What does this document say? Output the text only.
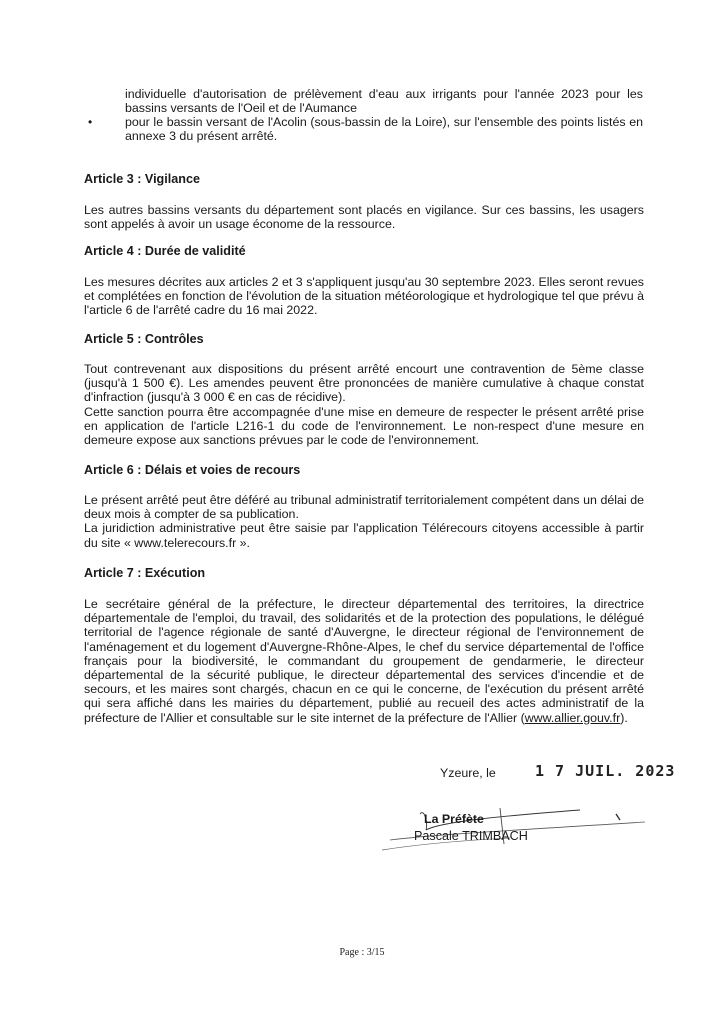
individuelle d'autorisation de prélèvement d'eau aux irrigants pour l'année 2023 pour les bassins versants de l'Oeil et de l'Aumance

•	pour le bassin versant de l'Acolin (sous-bassin de la Loire), sur l'ensemble des points listés en annexe 3 du présent arrêté.

Article 3 : Vigilance

Les autres bassins versants du département sont placés en vigilance. Sur ces bassins, les usagers sont appelés à avoir un usage économe de la ressource.

Article 4 : Durée de validité

Les mesures décrites aux articles 2 et 3 s'appliquent jusqu'au 30 septembre 2023. Elles seront revues et complétées en fonction de l'évolution de la situation météorologique et hydrologique tel que prévu à l'article 6 de l'arrêté cadre du 16 mai 2022.

Article 5 : Contrôles

Tout contrevenant aux dispositions du présent arrêté encourt une contravention de 5ème classe (jusqu'à 1 500 €). Les amendes peuvent être prononcées de manière cumulative à chaque constat d'infraction (jusqu'à 3 000 € en cas de récidive).

Cette sanction pourra être accompagnée d'une mise en demeure de respecter le présent arrêté prise en application de l'article L216-1 du code de l'environnement. Le non-respect d'une mesure en demeure expose aux sanctions prévues par le code de l'environnement.

Article 6 : Délais et voies de recours

Le présent arrêté peut être déféré au tribunal administratif territorialement compétent dans un délai de deux mois à compter de sa publication.

La juridiction administrative peut être saisie par l'application Télérecours citoyens accessible à partir du site « www.telerecours.fr ».

Article 7 : Exécution

Le secrétaire général de la préfecture, le directeur départemental des territoires, la directrice départementale de l'emploi, du travail, des solidarités et de la protection des populations, le délégué territorial de l'agence régionale de santé d'Auvergne, le directeur régional de l'environnement de l'aménagement et du logement d'Auvergne-Rhône-Alpes, le chef du service départemental de l'office français pour la biodiversité, le commandant du groupement de gendarmerie, le directeur départemental de la sécurité publique, le directeur départemental des services d'incendie et de secours, et les maires sont chargés, chacun en ce qui le concerne, de l'exécution du présent arrêté qui sera affiché dans les mairies du département, publié au recueil des actes administratif de la préfecture de l'Allier et consultable sur le site internet de la préfecture de l'Allier (www.allier.gouv.fr).

Yzeure, le	1 7 JUIL. 2023
La Préfète
Pascale TRIMBACH
Page : 3/15
